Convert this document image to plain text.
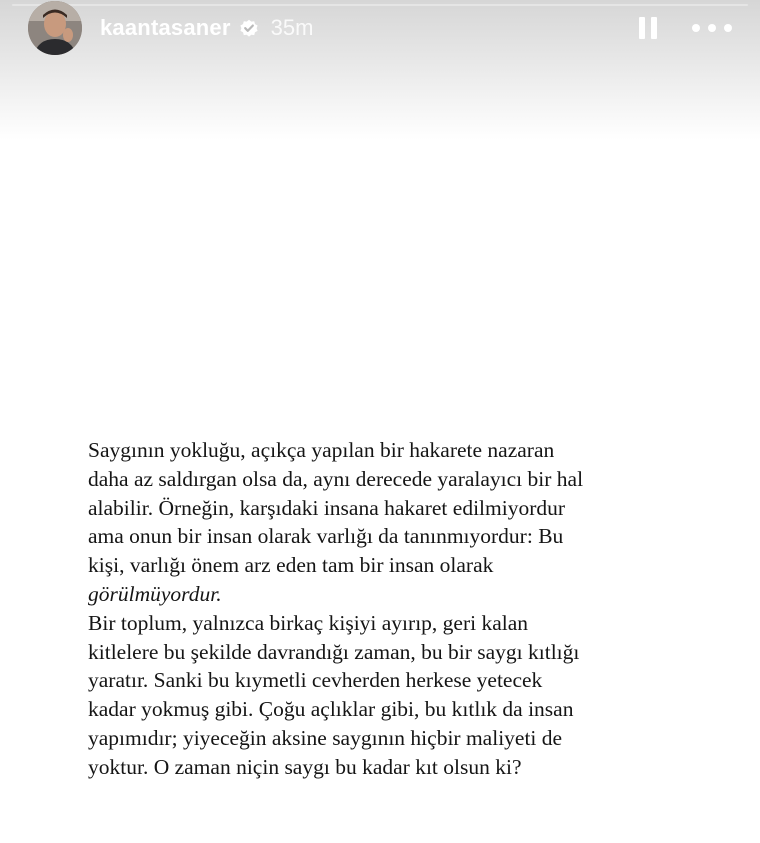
kaantasaner 35m
Saygının yokluğu, açıkça yapılan bir hakarete nazaran
daha az saldırgan olsa da, aynı derecede yaralayıcı bir hal
alabilir. Örneğin, karşıdaki insana hakaret edilmiyordur
ama onun bir insan olarak varlığı da tanınmıyordur: Bu
kişi, varlığı önem arz eden tam bir insan olarak
görülmüyordur.
Bir toplum, yalnızca birkaç kişiyi ayırıp, geri kalan
kitlelere bu şekilde davrandığı zaman, bu bir saygı kıtlığı
yaratır. Sanki bu kıymetli cevherden herkese yetecek
kadar yokmuş gibi. Çoğu açlıklar gibi, bu kıtlık da insan
yapımıdır; yiyeceğin aksine saygının hiçbir maliyeti de
yoktur. O zaman niçin saygı bu kadar kıt olsun ki?
